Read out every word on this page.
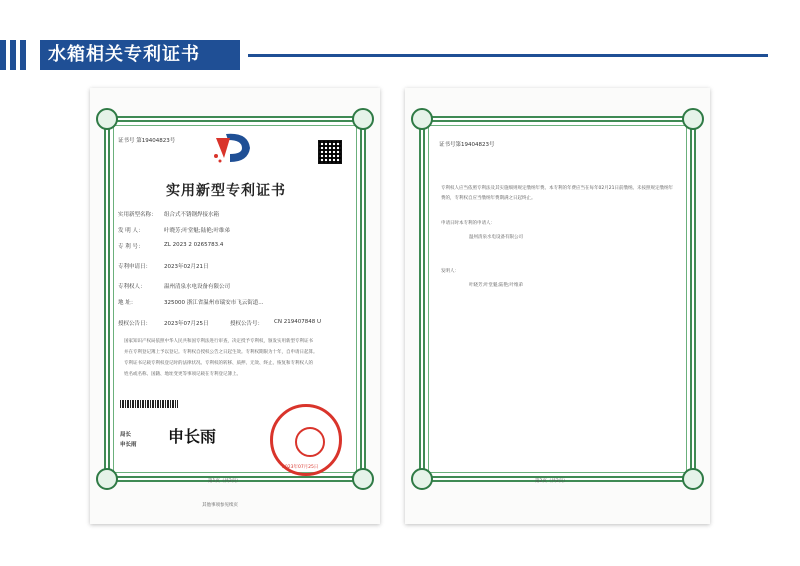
水箱相关专利证书
证书号 第19404823号
实用新型专利证书
实用新型名称： 组合式不锈钢焊接水箱
发 明 人：	叶晓芳;叶堂魁;陆艳;叶维弟
专 利 号：	ZL 2023 2 0265783.4
专利申请日： 2023年02月21日
专利权人：	温州清泉水电设备有限公司
地 址：	325000 浙江省温州市瑞安市飞云街道...
授权公告日： 2023年07月25日	授权公告号： CN 219407848 U
国家知识产权局依照中华人民共和国专利法进行审查，决定授予专利权，颁发实用新型专利证书
并在专利登记簿上予以登记。专利权自授权公告之日起生效。专利权期限为十年，自申请日起算。
专利证书记载专利权登记时的法律状况。专利权的转移、质押、无效、终止、恢复和专利权人的
姓名或名称、国籍、地址变更等事项记载在专利登记簿上。
局长
申长雨 申长雨
2023年07月25日
第1页（共2页）
其他事项参见续页
证书号第19404823号
专利权人应当依照专利法及其实施细则规定缴纳年费。本专利的年费应当在每年02月21日前缴纳。未按照规定缴纳年费的，专利权自应当缴纳年费期满之日起终止。
申请日时本专利的申请人：
温州清泉水电设备有限公司
发明人：
叶晓芳;叶堂魁;陆艳;叶维弟
第2页（共2页）
